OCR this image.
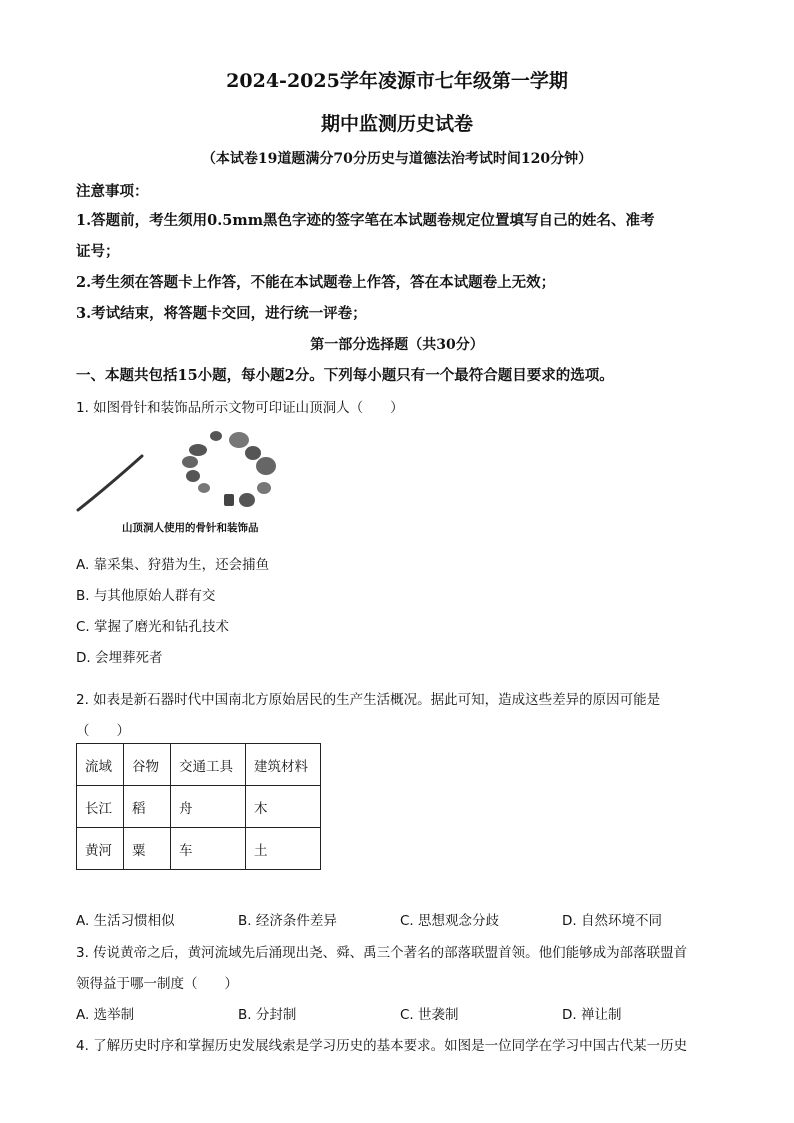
2024-2025学年凌源市七年级第一学期
期中监测历史试卷
（本试卷19道题满分70分历史与道德法治考试时间120分钟）
注意事项：
1.答题前，考生须用0.5mm黑色字迹的签字笔在本试题卷规定位置填写自己的姓名、准考
证号；
2.考生须在答题卡上作答，不能在本试题卷上作答，答在本试题卷上无效；
3.考试结束，将答题卡交回，进行统一评卷；
第一部分选择题（共30分）
一、本题共包括15小题，每小题2分。下列每小题只有一个最符合题目要求的选项。
1. 如图骨针和装饰品所示文物可印证山顶洞人（　　）
山顶洞人使用的骨针和装饰品
A. 靠采集、狩猎为生，还会捕鱼
B. 与其他原始人群有交
C. 掌握了磨光和钻孔技术
D. 会埋葬死者
2. 如表是新石器时代中国南北方原始居民的生产生活概况。据此可知，造成这些差异的原因可能是
（　　）
流域	谷物	交通工具	建筑材料
长江	稻	舟	木
黄河	粟	车	土
A. 生活习惯相似	B. 经济条件差异	C. 思想观念分歧	D. 自然环境不同
3. 传说黄帝之后，黄河流域先后涌现出尧、舜、禹三个著名的部落联盟首领。他们能够成为部落联盟首
领得益于哪一制度（　　）
A. 选举制	B. 分封制	C. 世袭制	D. 禅让制
4. 了解历史时序和掌握历史发展线索是学习历史的基本要求。如图是一位同学在学习中国古代某一历史
